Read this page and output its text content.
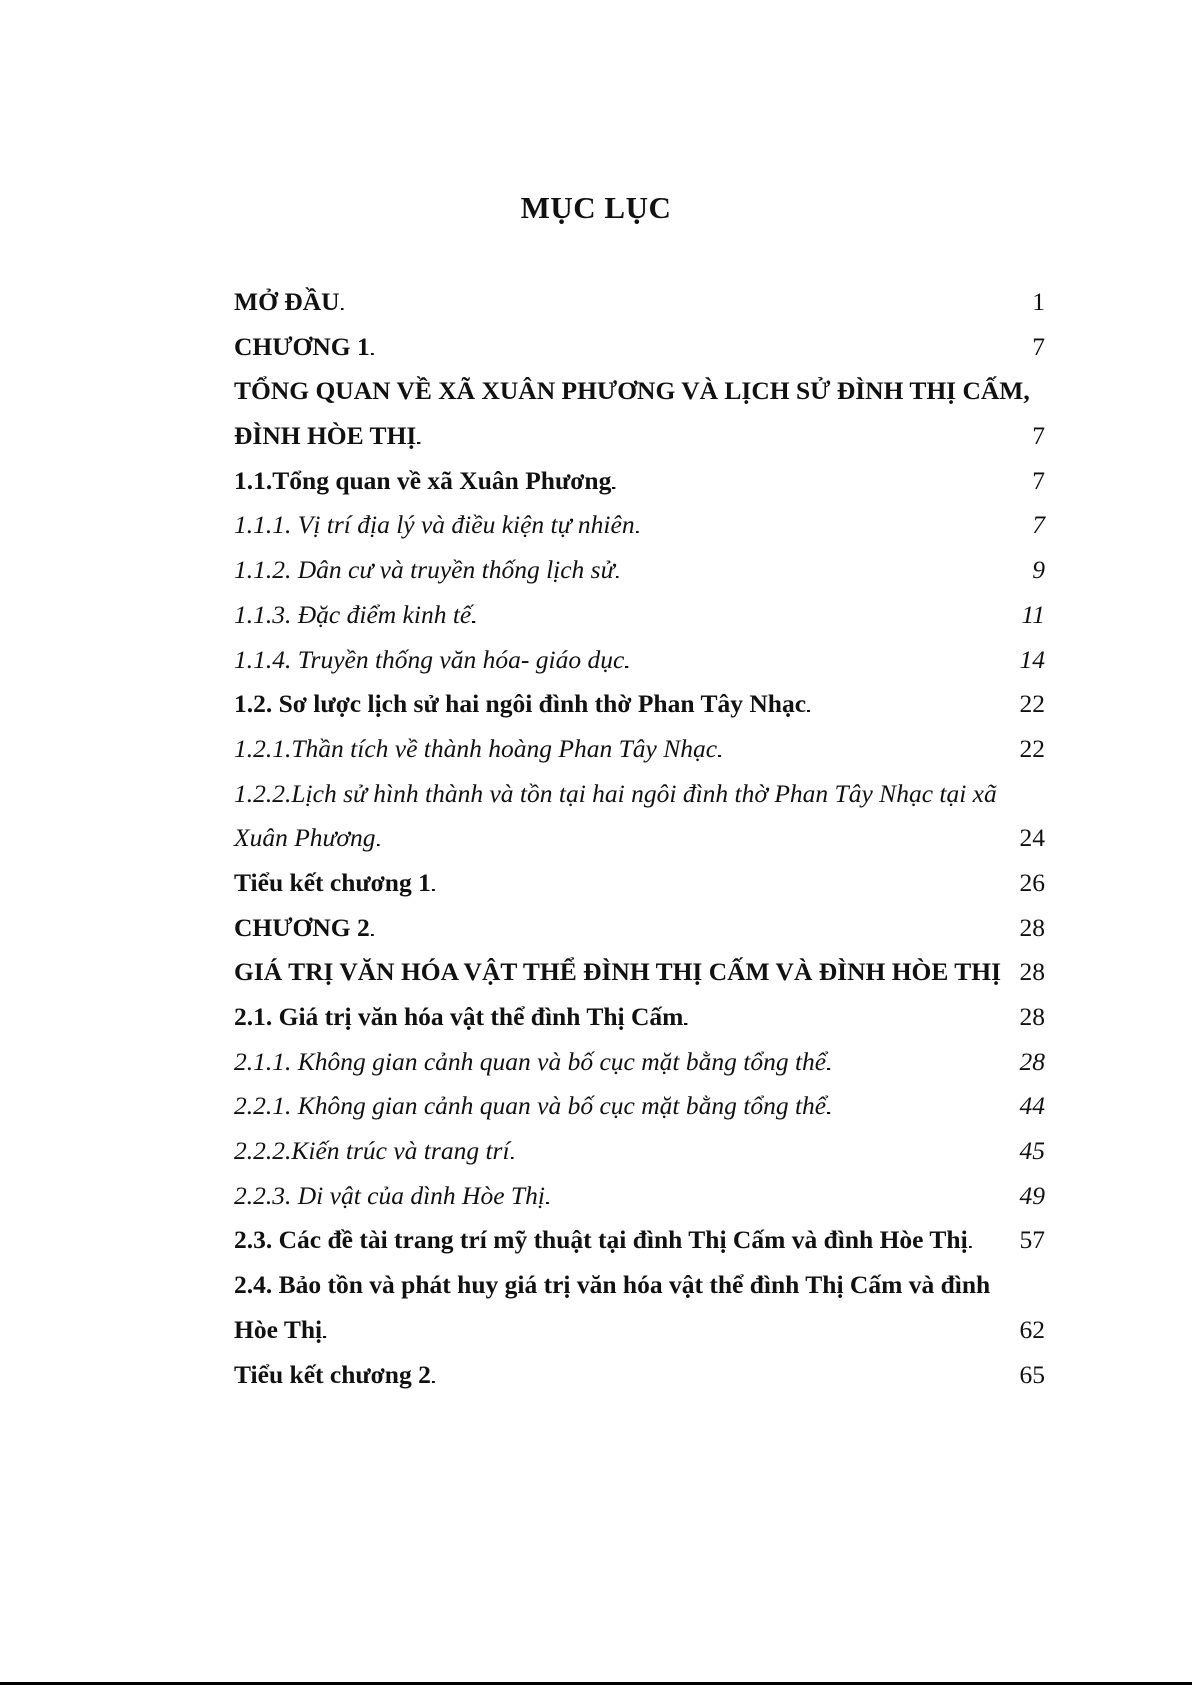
MỤC LỤC
MỞ ĐẦU . . .	1
CHƯƠNG 1 . . .	7
TỔNG QUAN VỀ XÃ XUÂN PHƯƠNG VÀ LỊCH SỬ ĐÌNH THỊ CẤM,
ĐÌNH HÒE THỊ . . .	7
1.1.Tổng quan về xã Xuân Phương . . .	7
1.1.1. Vị trí địa lý và điều kiện tự nhiên . . .	7
1.1.2. Dân cư và truyền thống lịch sử . . .	9
1.1.3. Đặc điểm kinh tế . . .	11
1.1.4. Truyền thống văn hóa- giáo dục . . .	14
1.2. Sơ lược lịch sử hai ngôi đình thờ Phan Tây Nhạc . . .	22
1.2.1.Thần tích về thành hoàng Phan Tây Nhạc . . .	22
1.2.2.Lịch sử hình thành và tồn tại hai ngôi đình thờ Phan Tây Nhạc tại xã
Xuân Phương . . .	24
Tiểu kết chương 1 . . .	26
CHƯƠNG 2 . . .	28
GIÁ TRỊ VĂN HÓA VẬT THỂ ĐÌNH THỊ CẤM VÀ ĐÌNH HÒE THỊ 28
2.1. Giá trị văn hóa vật thể đình Thị Cấm . . .	28
2.1.1. Không gian cảnh quan và bố cục mặt bằng tổng thể . . .	28
2.2.1. Không gian cảnh quan và bố cục mặt bằng tổng thể . . .	44
2.2.2.Kiến trúc và trang trí . . .	45
2.2.3. Di vật của dình Hòe Thị . . .	49
2.3. Các đề tài trang trí mỹ thuật tại đình Thị Cấm và đình Hòe Thị . . . 57
2.4. Bảo tồn và phát huy giá trị văn hóa vật thể đình Thị Cấm và đình
Hòe Thị . . .	62
Tiểu kết chương 2 . . .	65
